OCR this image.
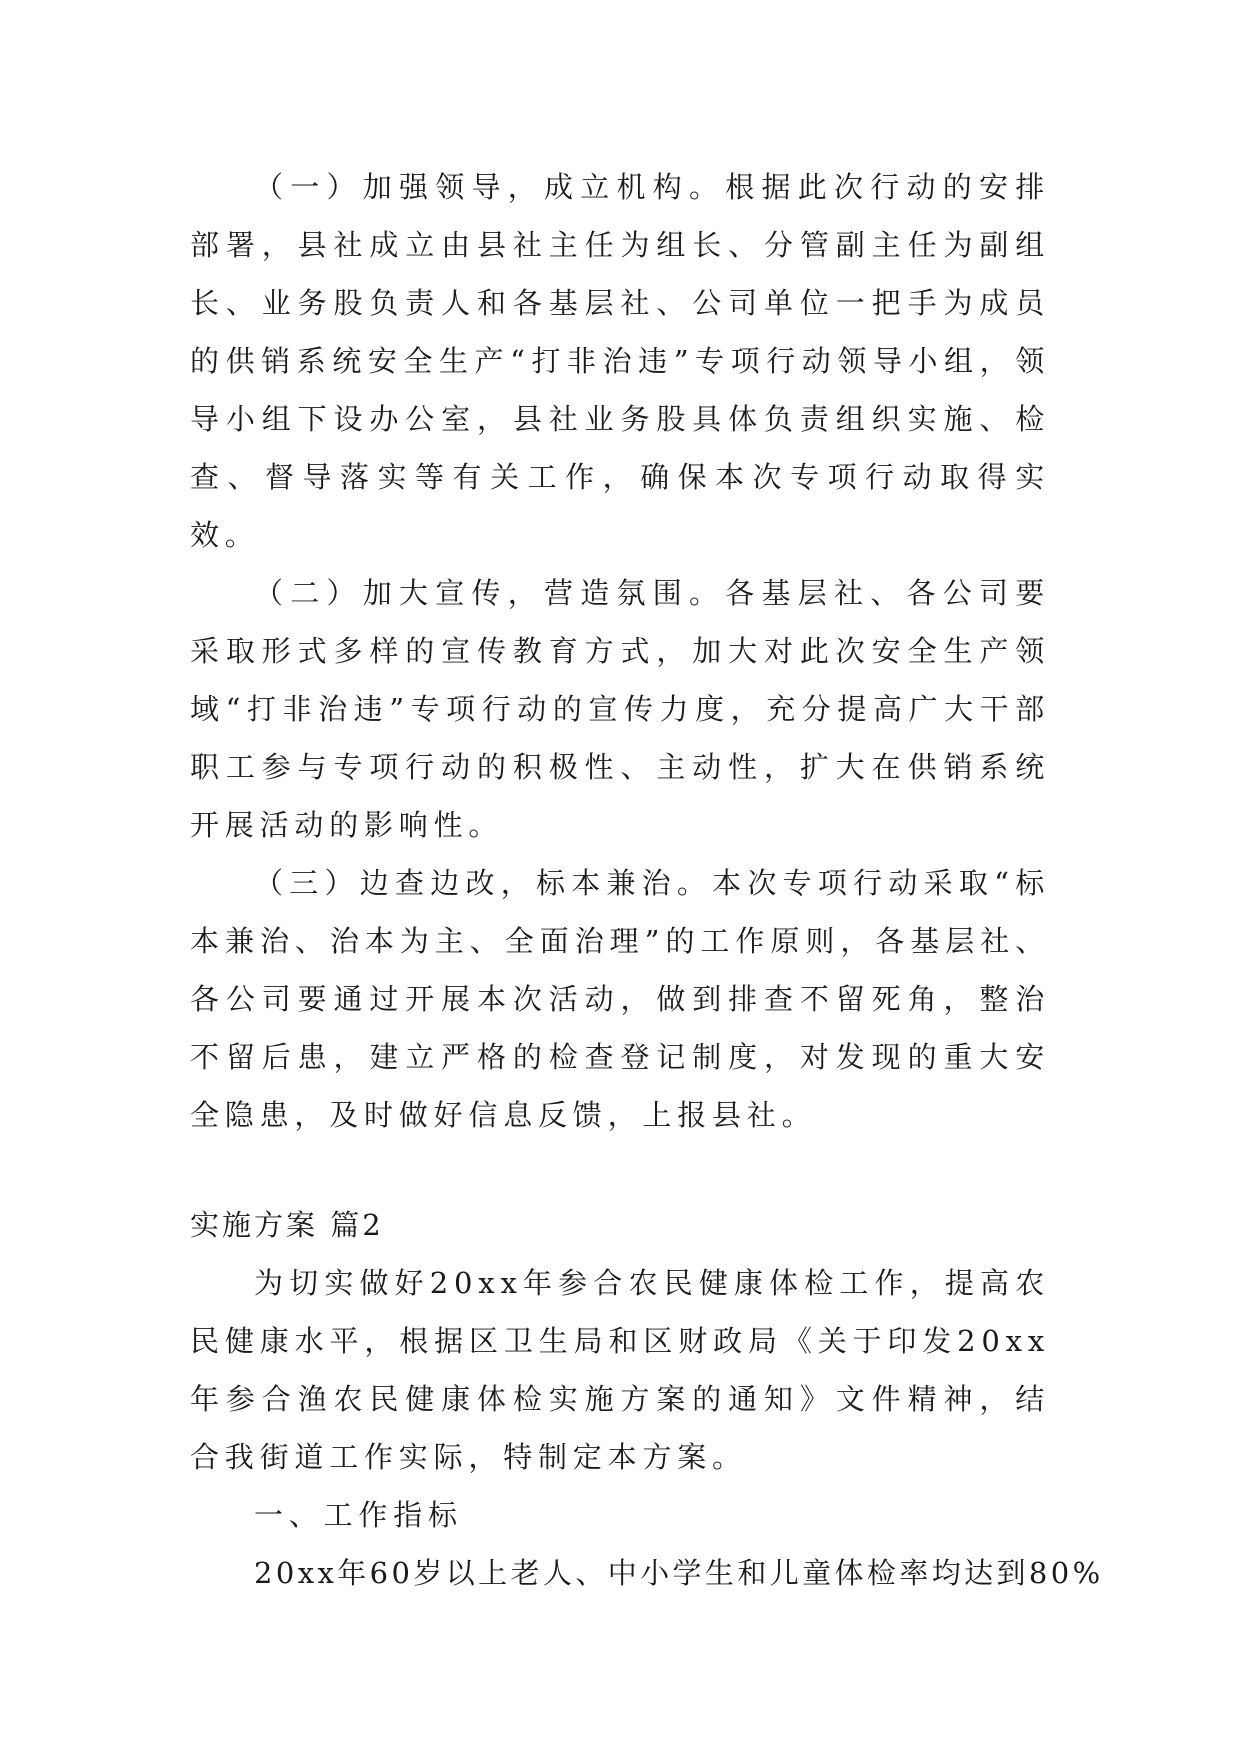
（一）加强领导，成立机构。根据此次行动的安排部署，县社成立由县社主任为组长、分管副主任为副组长、业务股负责人和各基层社、公司单位一把手为成员的供销系统安全生产“打非治违”专项行动领导小组，领导小组下设办公室，县社业务股具体负责组织实施、检查、督导落实等有关工作，确保本次专项行动取得实效。

（二）加大宣传，营造氛围。各基层社、各公司要采取形式多样的宣传教育方式，加大对此次安全生产领域“打非治违”专项行动的宣传力度，充分提高广大干部职工参与专项行动的积极性、主动性，扩大在供销系统开展活动的影响性。

（三）边查边改，标本兼治。本次专项行动采取“标本兼治、治本为主、全面治理”的工作原则，各基层社、各公司要通过开展本次活动，做到排查不留死角，整治不留后患，建立严格的检查登记制度，对发现的重大安全隐患，及时做好信息反馈，上报县社。

实施方案 篇2

为切实做好20xx年参合农民健康体检工作，提高农民健康水平，根据区卫生局和区财政局《关于印发20xx年参合渔农民健康体检实施方案的通知》文件精神，结合我街道工作实际，特制定本方案。

一、工作指标

20xx年60岁以上老人、中小学生和儿童体检率均达到80%
